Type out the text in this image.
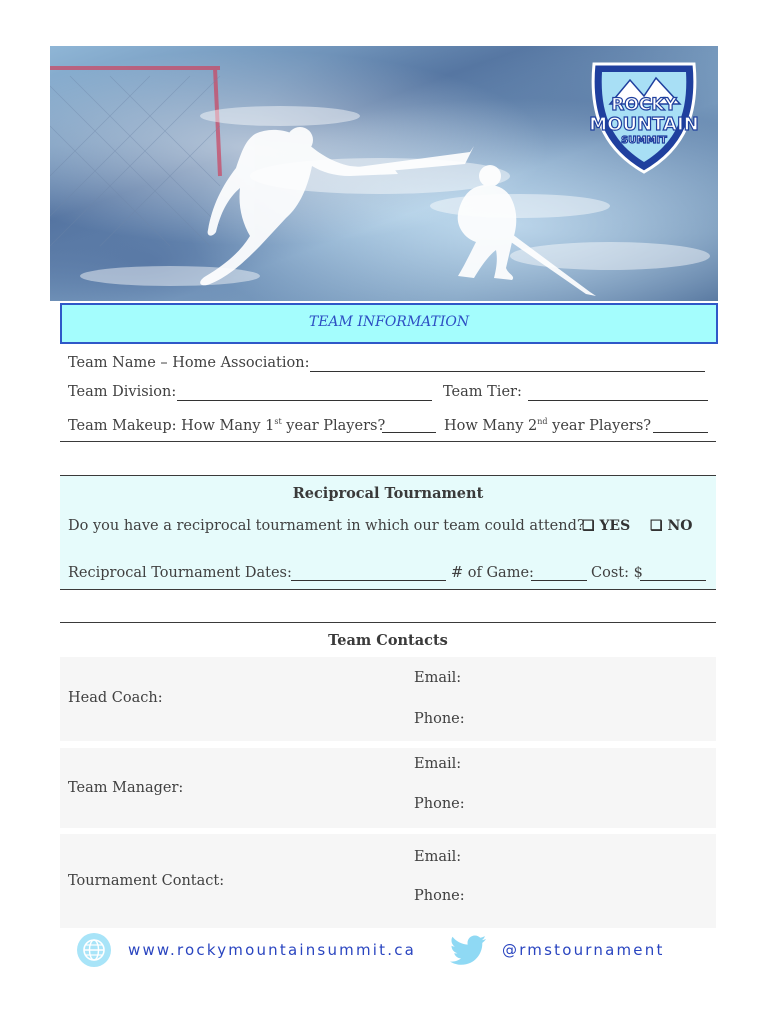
ROCKY
MOUNTAIN
SUMMIT
TEAM INFORMATION
Team Name – Home Association:
Team Division:	Team Tier:
Team Makeup: How Many 1st year Players?	How Many 2nd year Players?
Reciprocal Tournament
Do you have a reciprocal tournament in which our team could attend?
❏ YES ❏ NO
Reciprocal Tournament Dates:	# of Game:	Cost: $
Team Contacts
Head Coach:
Email:
Phone:
Team Manager:
Email:
Phone:
Tournament Contact:
Email:
Phone:
www.rockymountainsummit.ca	@rmstournament
